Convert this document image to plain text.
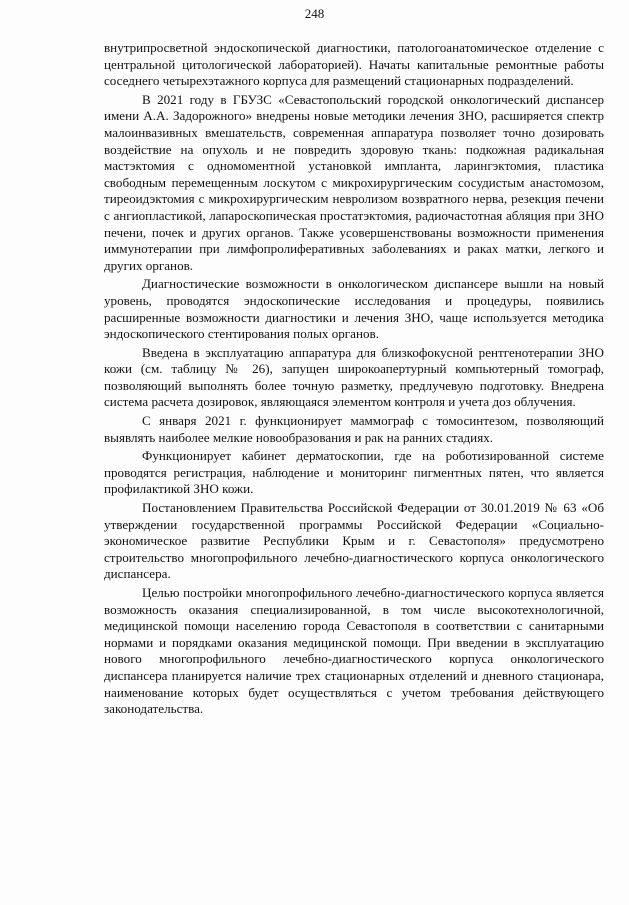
248

внутрипросветной эндоскопической диагностики, патологоанатомическое отделение с центральной цитологической лабораторией). Начаты капитальные ремонтные работы соседнего четырехэтажного корпуса для размещений стационарных подразделений.

В 2021 году в ГБУЗС «Севастопольский городской онкологический диспансер имени А.А. Задорожного» внедрены новые методики лечения ЗНО, расширяется спектр малоинвазивных вмешательств, современная аппаратура позволяет точно дозировать воздействие на опухоль и не повредить здоровую ткань: подкожная радикальная мастэктомия с одномоментной установкой импланта, ларингэктомия, пластика свободным перемещенным лоскутом с микрохирургическим сосудистым анастомозом, тиреоидэктомия с микрохирургическим невролизом возвратного нерва, резекция печени с ангиопластикой, лапароскопическая простатэктомия, радиочастотная абляция при ЗНО печени, почек и других органов. Также усовершенствованы возможности применения иммунотерапии при лимфопролиферативных заболеваниях и раках матки, легкого и других органов.

Диагностические возможности в онкологическом диспансере вышли на новый уровень, проводятся эндоскопические исследования и процедуры, появились расширенные возможности диагностики и лечения ЗНО, чаще используется методика эндоскопического стентирования полых органов.

Введена в эксплуатацию аппаратура для близкофокусной рентгенотерапии ЗНО кожи (см. таблицу № 26), запущен широкоапертурный компьютерный томограф, позволяющий выполнять более точную разметку, предлучевую подготовку. Внедрена система расчета дозировок, являющаяся элементом контроля и учета доз облучения.

С января 2021 г. функционирует маммограф с томосинтезом, позволяющий выявлять наиболее мелкие новообразования и рак на ранних стадиях.

Функционирует кабинет дерматоскопии, где на роботизированной системе проводятся регистрация, наблюдение и мониторинг пигментных пятен, что является профилактикой ЗНО кожи.

Постановлением Правительства Российской Федерации от 30.01.2019 № 63 «Об утверждении государственной программы Российской Федерации «Социально-экономическое развитие Республики Крым и г. Севастополя» предусмотрено строительство многопрофильного лечебно-диагностического корпуса онкологического диспансера.

Целью постройки многопрофильного лечебно-диагностического корпуса является возможность оказания специализированной, в том числе высокотехнологичной, медицинской помощи населению города Севастополя в соответствии с санитарными нормами и порядками оказания медицинской помощи. При введении в эксплуатацию нового многопрофильного лечебно-диагностического корпуса онкологического диспансера планируется наличие трех стационарных отделений и дневного стационара, наименование которых будет осуществляться с учетом требования действующего законодательства.
